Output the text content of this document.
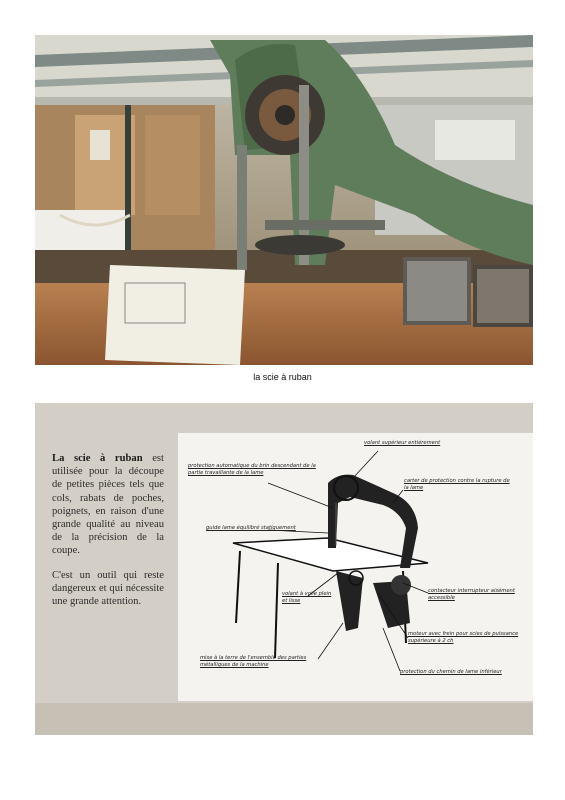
la scie à ruban

La scie à ruban est utilisée pour la découpe de petites pièces tels que cols, rabats de poches, poignets, en raison d'une grande qualité au niveau de la précision de la coupe.

C'est un outil qui reste dangereux et qui nécessite une grande attention.

volant supérieur entièrement
protection automatique du brin descendant de la partie travaillante de la lame
carter de protection contre la rupture de la lame
guide lame équilibré statiquement
volant à voile plein et lisse
contacteur interrupteur aisément accessible
moteur avec frein pour scies de puissance supérieure à 2 ch
mise à la terre de l'ensemble des parties métalliques de la machine
protection du chemin de lame inférieur
